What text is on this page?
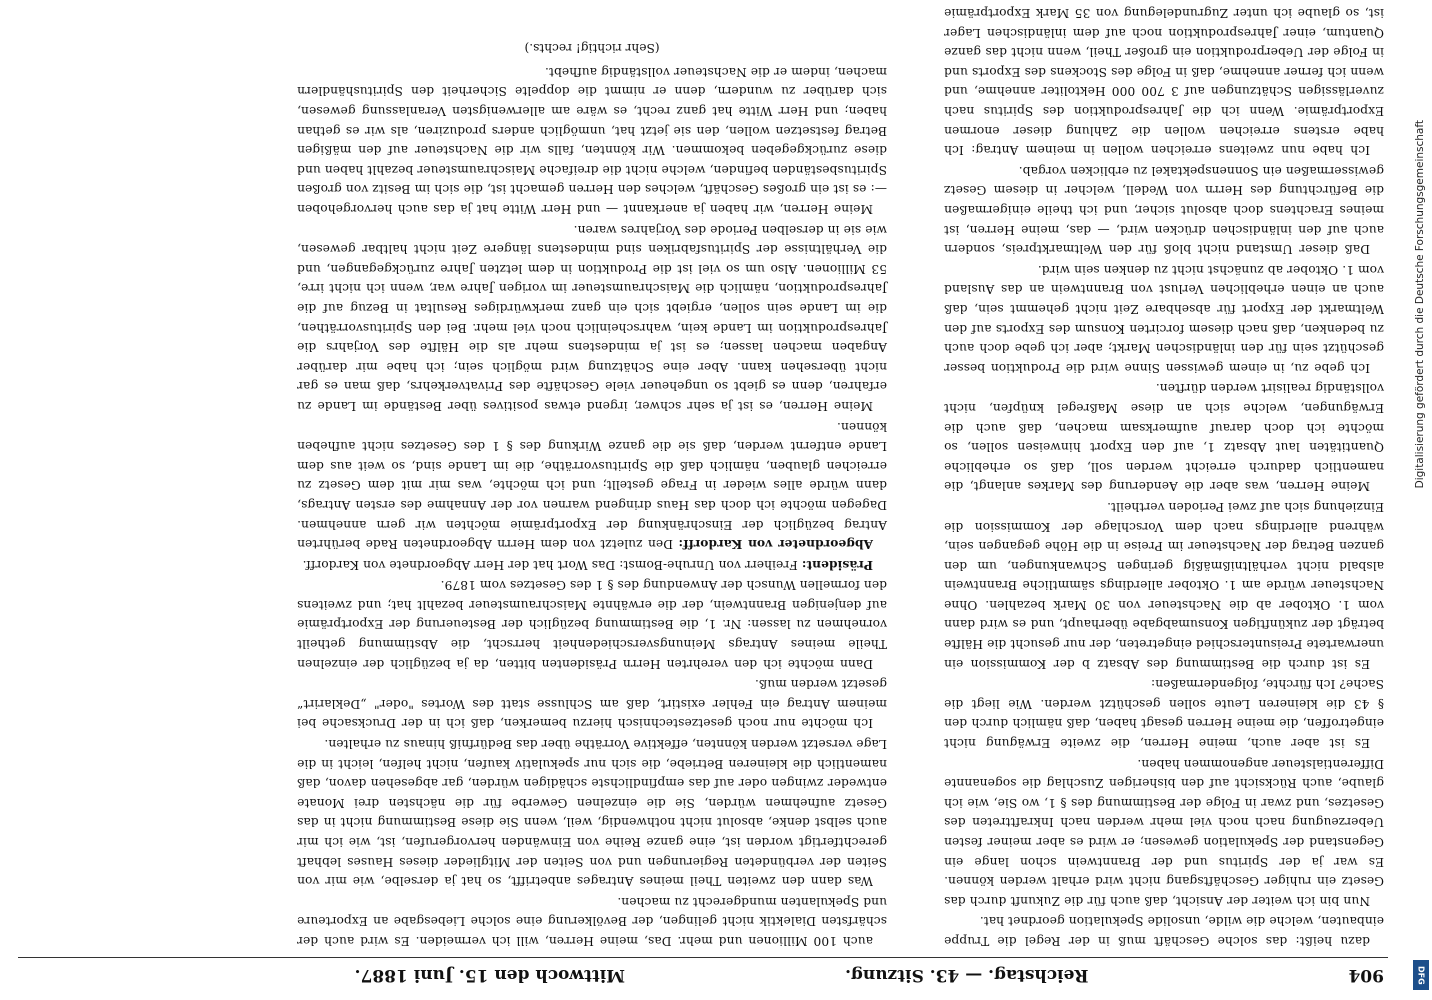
904
Reichstag. — 43. Sitzung.
Mittwoch den 15. Juni 1887.

dazu heißt: das solche Geschäft muß in der Regel die Truppe einbauten, welche die wilde, unsolide Spekulation geordnet hat.

Nun bin ich weiter der Ansicht, daß auch für die Zukunft durch das Gesetz ein ruhiger Geschäftsgang nicht wird erhalt werden können. Es war ja der Spiritus und der Branntwein schon lange ein Gegenstand der Spekulation gewesen; er wird es aber meiner festen Ueberzeugung nach noch viel mehr werden nach Inkrafttreten des Gesetzes, und zwar in Folge der Bestimmung des § 1, wo Sie, wie ich glaube, auch Rücksicht auf den bisherigen Zuschlag die sogenannte Differentialsteuer angenommen haben.

Es ist aber auch, meine Herren, die zweite Erwägung nicht eingetroffen, die meine Herren gesagt haben, daß nämlich durch den § 43 die kleineren Leute sollen geschützt werden. Wie liegt die Sache? Ich fürchte, folgendermaßen:

Es ist durch die Bestimmung des Absatz b der Kommission ein unerwartete Preisunterschied eingetreten, der nur gesucht die Hälfte beträgt der zukünftigen Konsumabgabe überhaupt, und es wird dann vom 1. Oktober ab die Nachsteuer von 30 Mark bezahlen. Ohne Nachsteuer würde am 1. Oktober allerdings sämmtliche Branntwein alsbald nicht verhältnißmäßig geringen Schwankungen, um den ganzen Betrag der Nachsteuer im Preise in die Höhe gegangen sein, während allerdings nach dem Vorschlage der Kommission die Einziehung sich auf zwei Perioden vertheilt.

Meine Herren, was aber die Aenderung des Markes anlangt, die namentlich dadurch erreicht werden soll, daß so erhebliche Quantitäten laut Absatz 1, auf den Export hinweisen sollen, so möchte ich doch darauf aufmerksam machen, daß auch die Erwägungen, welche sich an diese Maßregel knüpfen, nicht vollständig realisirt werden dürften.

Ich gebe zu, in einem gewissen Sinne wird die Produktion besser geschützt sein für den inländischen Markt; aber ich gebe doch auch zu bedenken, daß nach diesem forcirten Konsum des Exports auf den Weltmarkt der Export für absehbare Zeit nicht gehemmt sein, daß auch an einen erheblichen Verlust von Branntwein an das Ausland vom 1. Oktober ab zunächst nicht zu denken sein wird.

Daß dieser Umstand nicht bloß für den Weltmarktpreis, sondern auch auf den inländischen drücken wird, — das, meine Herren, ist meines Erachtens doch absolut sicher, und ich theile einigermaßen die Befürchtung des Herrn von Wedell, welcher in diesem Gesetz gewissermaßen ein Sonnenspektakel zu erblicken vorgab.

Ich habe nun zweitens erreichen wollen in meinem Antrag: Ich habe erstens erreichen wollen die Zahlung dieser enormen Exportprämie. Wenn ich die Jahresproduktion des Spiritus nach zuverlässigen Schätzungen auf 3 700 000 Hektoliter annehme, und wenn ich ferner annehme, daß in Folge des Stockens des Exports und in Folge der Ueberproduktion ein großer Theil, wenn nicht das ganze Quantum, einer Jahresproduktion noch auf dem inländischen Lager ist, so glaube ich unter Zugrundelegung von 35 Mark Exportprämie

auch 100 Millionen und mehr. Das, meine Herren, will ich vermeiden. Es wird auch der schärfsten Dialektik nicht gelingen, der Bevölkerung eine solche Liebesgabe an Exporteure und Spekulanten mundgerecht zu machen.

Was dann den zweiten Theil meines Antrages anbetrifft, so hat ja derselbe, wie mir von Seiten der verbündeten Regierungen und von Seiten der Mitglieder dieses Hauses lebhaft gerechtfertigt worden ist, eine ganze Reihe von Einwänden hervorgerufen, ist, wie ich mir auch selbst denke, absolut nicht nothwendig, weil, wenn Sie diese Bestimmung nicht in das Gesetz aufnehmen würden, Sie die einzelnen Gewerbe für die nächsten drei Monate entweder zwingen oder auf das empfindlichste schädigen würden, gar abgesehen davon, daß namentlich die kleineren Betriebe, die sich nur spekulativ kaufen, nicht helfen, leicht in die Lage versetzt werden könnten, effektive Vorräthe über das Bedürfniß hinaus zu erhalten.

Ich möchte nur noch gesetzestechnisch hierzu bemerken, daß ich in der Drucksache bei meinem Antrag ein Fehler existirt, daß am Schlusse statt des Wortes "oder" „Deklarirt“ gesetzt werden muß.

Dann möchte ich den verehrten Herrn Präsidenten bitten, da ja bezüglich der einzelnen Theile meines Antrags Meinungsverschiedenheit herrscht, die Abstimmung getheilt vornehmen zu lassen: Nr. 1, die Bestimmung bezüglich der Besteuerung der Exportprämie auf denjenigen Branntwein, der die erwähnte Maischraumsteuer bezahlt hat; und zweitens den formellen Wunsch der Anwendung des § 1 des Gesetzes vom 1879.

Präsident: Freiherr von Unruhe-Bomst: Das Wort hat der Herr Abgeordnete von Kardorff.

Abgeordneter von Kardorff: Den zuletzt von dem Herrn Abgeordneten Rade berührten Antrag bezüglich der Einschränkung der Exportprämie möchten wir gern annehmen. Dagegen möchte ich doch das Haus dringend warnen vor der Annahme des ersten Antrags, dann würde alles wieder in Frage gestellt; und ich möchte, was mir mit dem Gesetz zu erreichen glauben, nämlich daß die Spiritusvorräthe, die im Lande sind, so weit aus dem Lande entfernt werden, daß sie die ganze Wirkung des § 1 des Gesetzes nicht aufheben können.

Meine Herren, es ist ja sehr schwer, irgend etwas positives über Bestände im Lande zu erfahren, denn es giebt so ungeheuer viele Geschäfte des Privatverkehrs, daß man es gar nicht übersehen kann. Aber eine Schätzung wird möglich sein; ich habe mir darüber Angaben machen lassen; es ist ja mindestens mehr als die Hälfte des Vorjahrs die Jahresproduktion im Lande kein, wahrscheinlich noch viel mehr. Bei den Spiritusvorräthen, die im Lande sein sollen, ergiebt sich ein ganz merkwürdiges Resultat in Bezug auf die Jahresproduktion, nämlich die Maischraumsteuer im vorigen Jahre war, wenn ich nicht irre, 53 Millionen. Also um so viel ist die Produktion in dem letzten Jahre zurückgegangen, und die Verhältnisse der Spiritusfabriken sind mindestens längere Zeit nicht haltbar gewesen, wie sie in derselben Periode des Vorjahres waren.

Meine Herren, wir haben ja anerkannt — und Herr Witte hat ja das auch hervorgehoben —: es ist ein großes Geschäft, welches den Herren gemacht ist, die sich im Besitz von großen Spiritusbeständen befinden, welche nicht die dreifache Maischraumsteuer bezahlt haben und diese zurückgegeben bekommen. Wir könnten, falls wir die Nachsteuer auf den mäßigen Betrag festsetzen wollen, den sie jetzt hat, unmöglich anders produziren, als wir es gethan haben; und Herr Witte hat ganz recht, es wäre am allerwenigsten Veranlassung gewesen, sich darüber zu wundern, denn er nimmt die doppelte Sicherheit den Spiritushändlern machen, indem er die Nachsteuer vollständig aufhebt.

(Sehr richtig! rechts.)
Digitalisierung gefördert durch die Deutsche Forschungsgemeinschaft
DFG
